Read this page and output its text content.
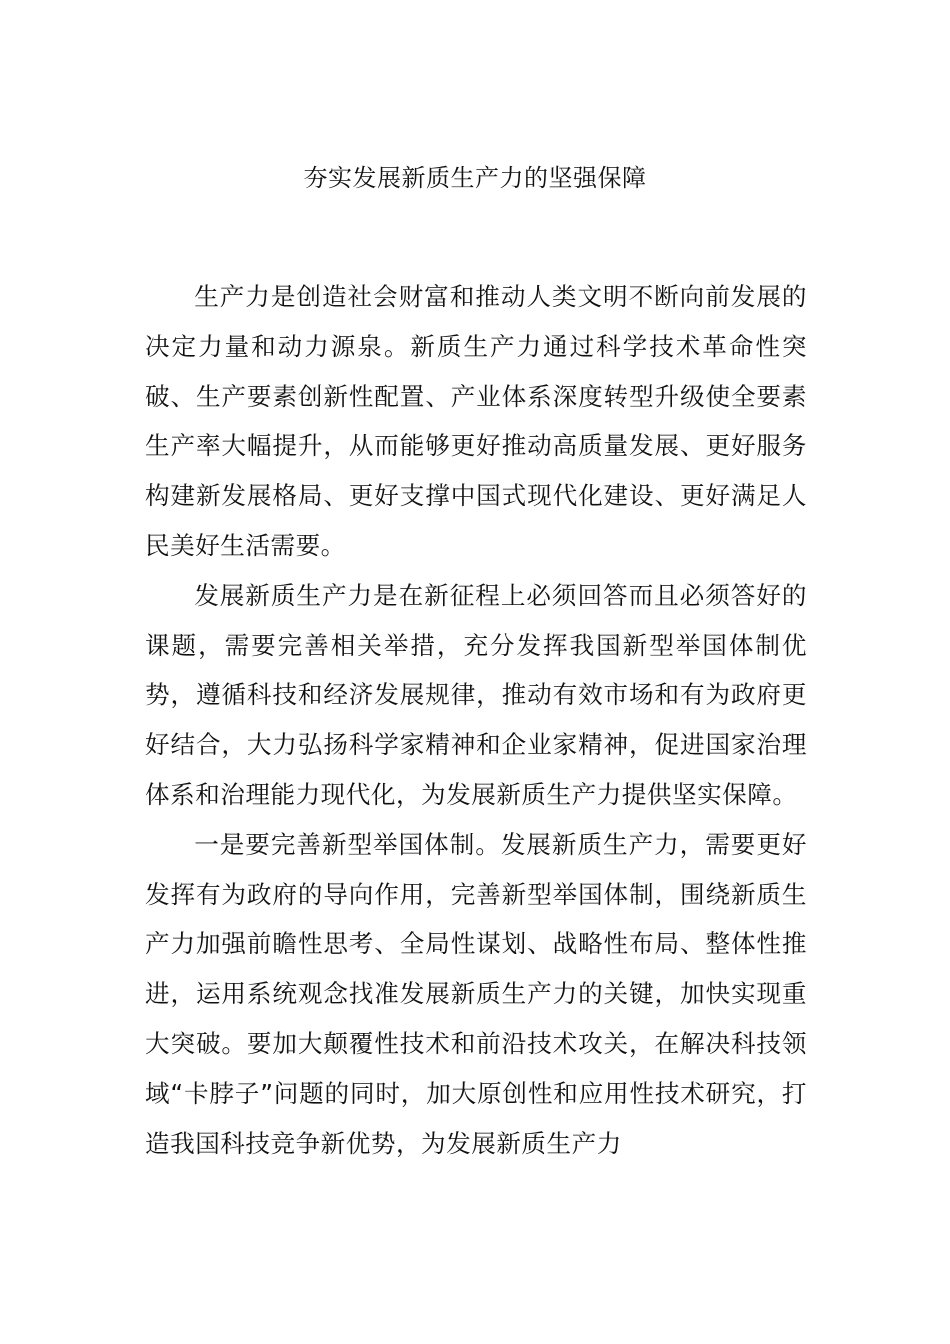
夯实发展新质生产力的坚强保障

生产力是创造社会财富和推动人类文明不断向前发展的决定力量和动力源泉。新质生产力通过科学技术革命性突破、生产要素创新性配置、产业体系深度转型升级使全要素生产率大幅提升，从而能够更好推动高质量发展、更好服务构建新发展格局、更好支撑中国式现代化建设、更好满足人民美好生活需要。

发展新质生产力是在新征程上必须回答而且必须答好的课题，需要完善相关举措，充分发挥我国新型举国体制优势，遵循科技和经济发展规律，推动有效市场和有为政府更好结合，大力弘扬科学家精神和企业家精神，促进国家治理体系和治理能力现代化，为发展新质生产力提供坚实保障。

一是要完善新型举国体制。发展新质生产力，需要更好发挥有为政府的导向作用，完善新型举国体制，围绕新质生产力加强前瞻性思考、全局性谋划、战略性布局、整体性推进，运用系统观念找准发展新质生产力的关键，加快实现重大突破。要加大颠覆性技术和前沿技术攻关，在解决科技领域“卡脖子”问题的同时，加大原创性和应用性技术研究，打造我国科技竞争新优势，为发展新质生产力
